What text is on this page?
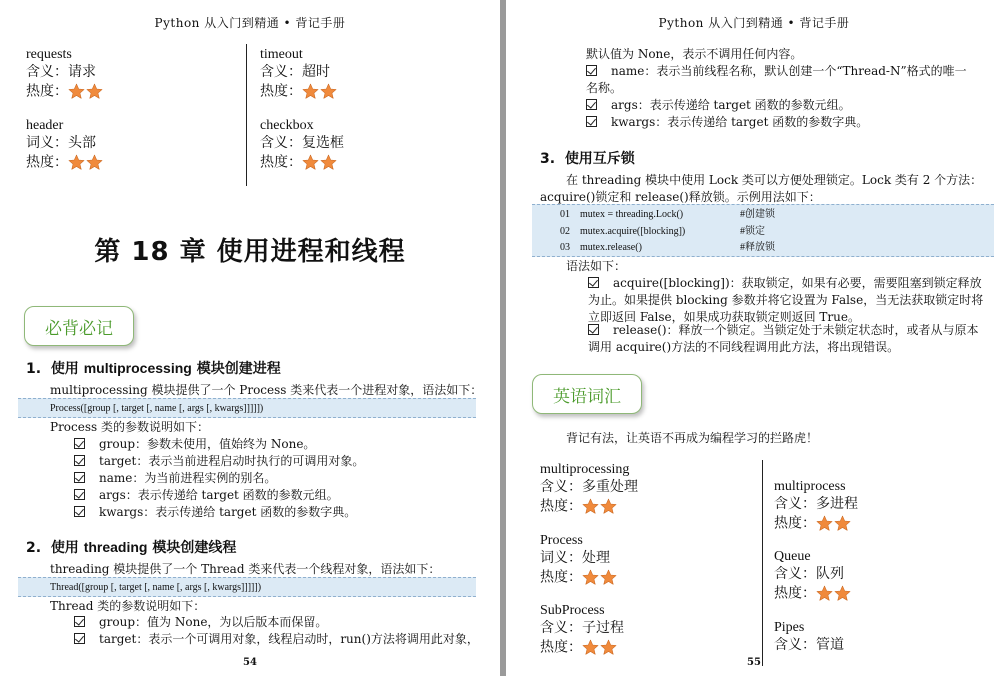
Python 从入门到精通 • 背记手册
requests
含义：请求
热度：
timeout
含义：超时
热度：
header
词义：头部
热度：
checkbox
含义：复选框
热度：
第 18 章 使用进程和线程
必背必记
1. 使用 multiprocessing 模块创建进程
multiprocessing 模块提供了一个 Process 类来代表一个进程对象，语法如下：
Process([group [, target [, name [, args [, kwargs]]]]])
Process 类的参数说明如下：
group：参数未使用，值始终为 None。
target：表示当前进程启动时执行的可调用对象。
name：为当前进程实例的别名。
args：表示传递给 target 函数的参数元组。
kwargs：表示传递给 target 函数的参数字典。
2. 使用 threading 模块创建线程
threading 模块提供了一个 Thread 类来代表一个线程对象，语法如下：
Thread([group [, target [, name [, args [, kwargs]]]]])
Thread 类的参数说明如下：
group：值为 None，为以后版本而保留。
target：表示一个可调用对象，线程启动时，run()方法将调用此对象，
54
Python 从入门到精通 • 背记手册
默认值为 None，表示不调用任何内容。
name：表示当前线程名称，默认创建一个“Thread-N”格式的唯一
名称。
args：表示传递给 target 函数的参数元组。
kwargs：表示传递给 target 函数的参数字典。
3. 使用互斥锁
在 threading 模块中使用 Lock 类可以方便处理锁定。Lock 类有 2 个方法：
acquire()锁定和 release()释放锁。示例用法如下：
01 mutex = threading.Lock()	#创建锁
02 mutex.acquire([blocking])	#锁定
03 mutex.release()	#释放锁
语法如下：
acquire([blocking])：获取锁定，如果有必要，需要阻塞到锁定释放
为止。如果提供 blocking 参数并将它设置为 False，当无法获取锁定时将
立即返回 False，如果成功获取锁定则返回 True。
release()：释放一个锁定。当锁定处于未锁定状态时，或者从与原本
调用 acquire()方法的不同线程调用此方法，将出现错误。
英语词汇
背记有法，让英语不再成为编程学习的拦路虎！
multiprocessing
含义：多重处理
热度：
Process
词义：处理
热度：
SubProcess
含义：子过程
热度：
multiprocess
含义：多进程
热度：
Queue
含义：队列
热度：
Pipes
含义：管道
55
